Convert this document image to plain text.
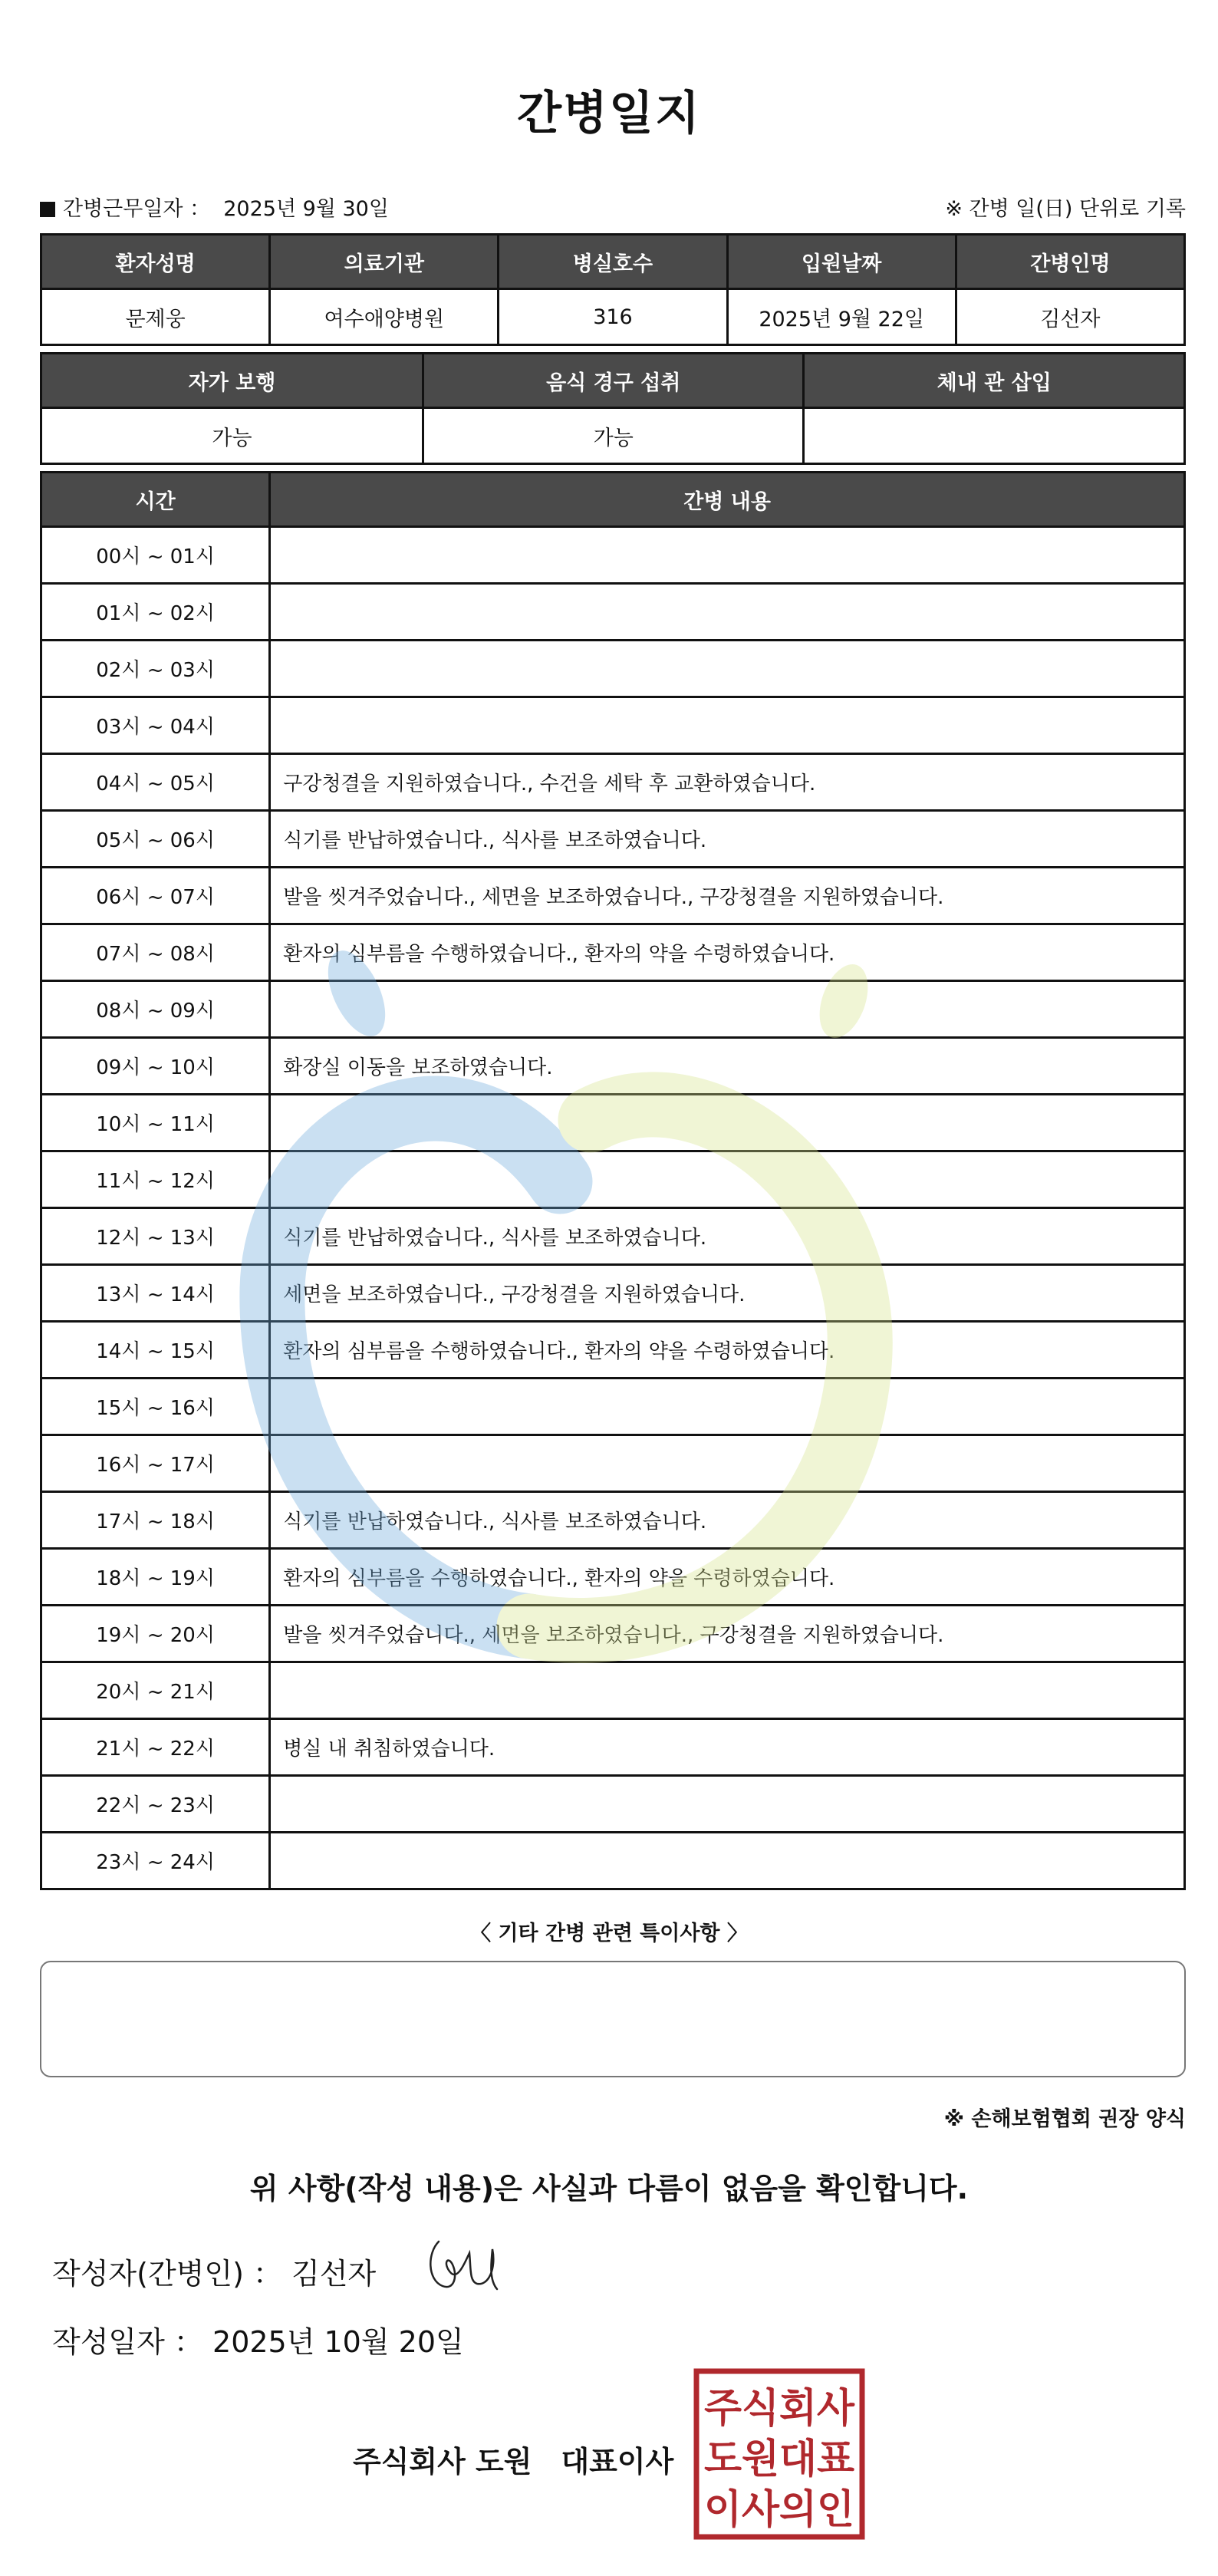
간병일지
간병근무일자 ： 2025년 9월 30일	※ 간병 일(日) 단위로 기록
환자성명	의료기관	병실호수	입원날짜	간병인명
문제웅	여수애양병원	316	2025년 9월 22일	김선자
자가 보행	음식 경구 섭취	체내 관 삽입
가능	가능	
시간	간병 내용
00시 ~ 01시	
01시 ~ 02시	
02시 ~ 03시	
03시 ~ 04시	
04시 ~ 05시	구강청결을 지원하였습니다., 수건을 세탁 후 교환하였습니다.
05시 ~ 06시	식기를 반납하였습니다., 식사를 보조하였습니다.
06시 ~ 07시	발을 씻겨주었습니다., 세면을 보조하였습니다., 구강청결을 지원하였습니다.
07시 ~ 08시	환자의 심부름을 수행하였습니다., 환자의 약을 수령하였습니다.
08시 ~ 09시	
09시 ~ 10시	화장실 이동을 보조하였습니다.
10시 ~ 11시	
11시 ~ 12시	
12시 ~ 13시	식기를 반납하였습니다., 식사를 보조하였습니다.
13시 ~ 14시	세면을 보조하였습니다., 구강청결을 지원하였습니다.
14시 ~ 15시	환자의 심부름을 수행하였습니다., 환자의 약을 수령하였습니다.
15시 ~ 16시	
16시 ~ 17시	
17시 ~ 18시	식기를 반납하였습니다., 식사를 보조하였습니다.
18시 ~ 19시	환자의 심부름을 수행하였습니다., 환자의 약을 수령하였습니다.
19시 ~ 20시	발을 씻겨주었습니다., 세면을 보조하였습니다., 구강청결을 지원하였습니다.
20시 ~ 21시	
21시 ~ 22시	병실 내 취침하였습니다.
22시 ~ 23시	
23시 ~ 24시	
〈 기타 간병 관련 특이사항 〉
※ 손해보험협회 권장 양식
위 사항(작성 내용)은 사실과 다름이 없음을 확인합니다.
작성자(간병인) ： 김선자
작성일자 ： 2025년 10월 20일
주식회사 도원　대표이사
주식회사
도원대표
이사의인
